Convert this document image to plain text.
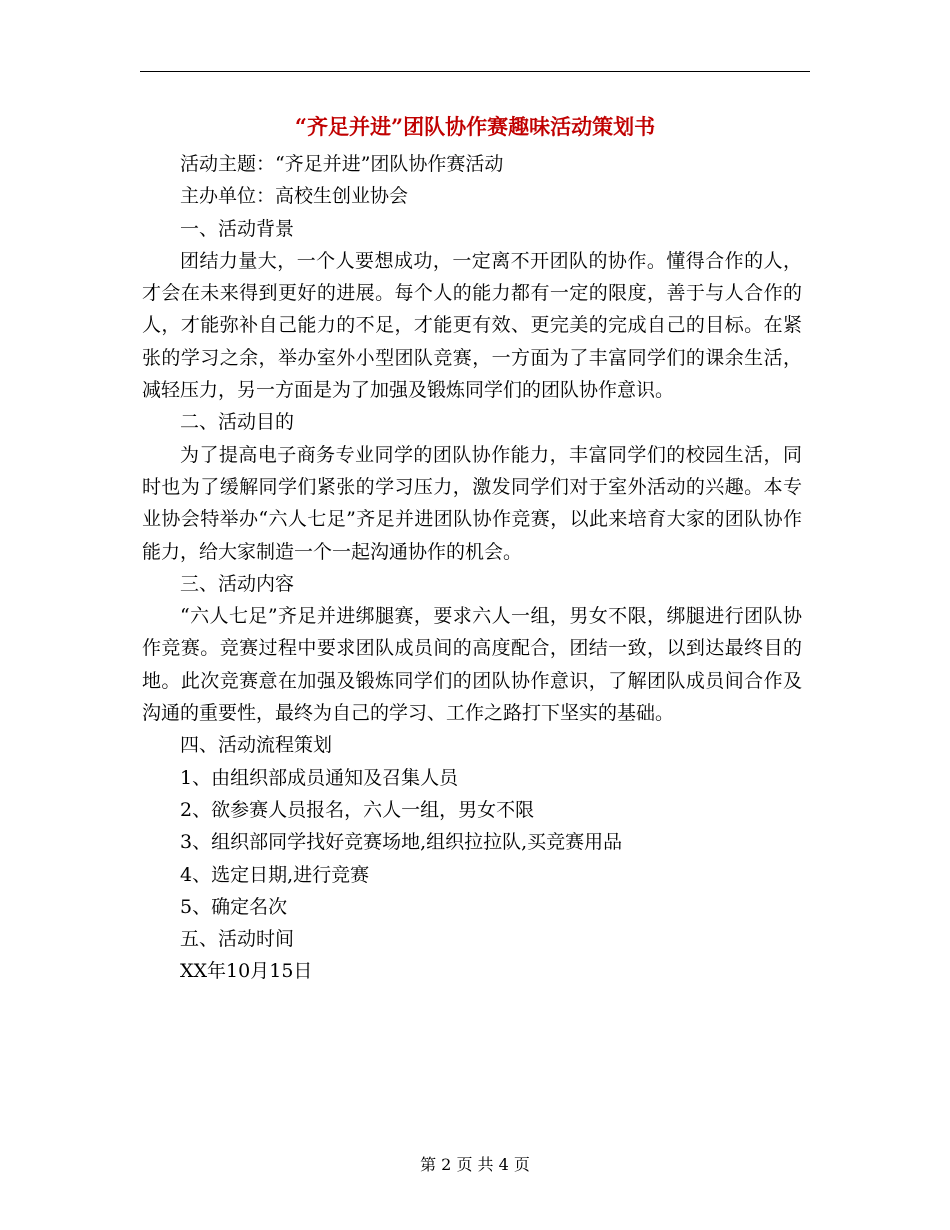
“齐足并进”团队协作赛趣味活动策划书

活动主题：“齐足并进”团队协作赛活动

主办单位：高校生创业协会

一、活动背景

团结力量大，一个人要想成功，一定离不开团队的协作。懂得合作的人，才会在未来得到更好的进展。每个人的能力都有一定的限度，善于与人合作的人，才能弥补自己能力的不足，才能更有效、更完美的完成自己的目标。在紧张的学习之余，举办室外小型团队竞赛，一方面为了丰富同学们的课余生活，减轻压力，另一方面是为了加强及锻炼同学们的团队协作意识。

二、活动目的

为了提高电子商务专业同学的团队协作能力，丰富同学们的校园生活，同时也为了缓解同学们紧张的学习压力，激发同学们对于室外活动的兴趣。本专业协会特举办“六人七足”齐足并进团队协作竞赛，以此来培育大家的团队协作能力，给大家制造一个一起沟通协作的机会。

三、活动内容

“六人七足”齐足并进绑腿赛，要求六人一组，男女不限，绑腿进行团队协作竞赛。竞赛过程中要求团队成员间的高度配合，团结一致，以到达最终目的地。此次竞赛意在加强及锻炼同学们的团队协作意识，了解团队成员间合作及沟通的重要性，最终为自己的学习、工作之路打下坚实的基础。

四、活动流程策划

1、由组织部成员通知及召集人员

2、欲参赛人员报名，六人一组，男女不限

3、组织部同学找好竞赛场地,组织拉拉队,买竞赛用品

4、选定日期,进行竞赛

5、确定名次

五、活动时间

XX年10月15日

第 2 页 共 4 页
